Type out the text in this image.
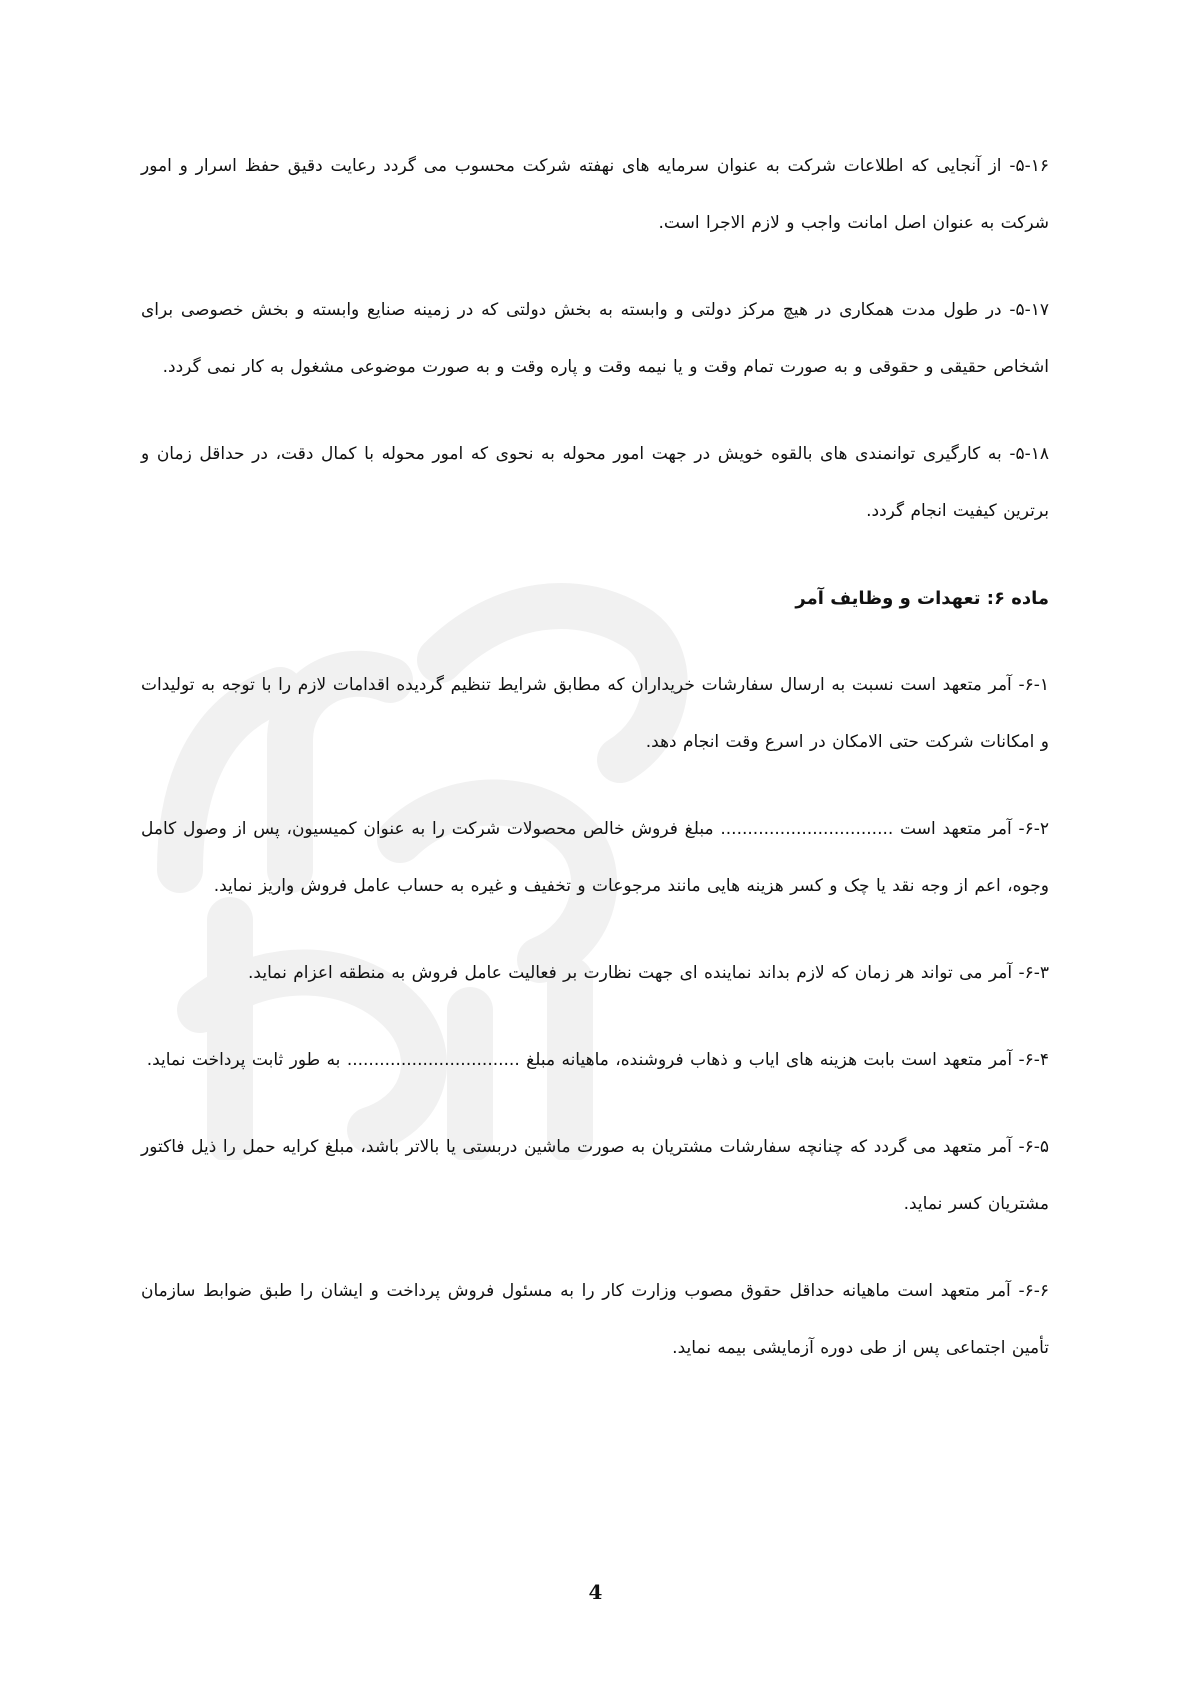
۵-۱۶- از آنجایی که اطلاعات شرکت به عنوان سرمایه های نهفته شرکت محسوب می گردد رعایت دقیق حفظ اسرار و امور شرکت به عنوان اصل امانت واجب و لازم الاجرا است.

۵-۱۷- در طول مدت همکاری در هیچ مرکز دولتی و وابسته به بخش دولتی که در زمینه صنایع وابسته و بخش خصوصی برای اشخاص حقیقی و حقوقی و به صورت تمام وقت و یا نیمه وقت و پاره وقت و به صورت موضوعی مشغول به کار نمی گردد.

۵-۱۸- به کارگیری توانمندی های بالقوه خویش در جهت امور محوله به نحوی که امور محوله با کمال دقت، در حداقل زمان و برترین کیفیت انجام گردد.

ماده ۶: تعهدات و وظایف آمر

۶-۱- آمر متعهد است نسبت به ارسال سفارشات خریداران که مطابق شرایط تنظیم گردیده اقدامات لازم را با توجه به تولیدات و امکانات شرکت حتی الامکان در اسرع وقت انجام دهد.

۶-۲- آمر متعهد است ................................ مبلغ فروش خالص محصولات شرکت را به عنوان کمیسیون، پس از وصول کامل وجوه، اعم از وجه نقد یا چک و کسر هزینه هایی مانند مرجوعات و تخفیف و غیره به حساب عامل فروش واریز نماید.

۶-۳- آمر می تواند هر زمان که لازم بداند نماینده ای جهت نظارت بر فعالیت عامل فروش به منطقه اعزام نماید.

۶-۴- آمر متعهد است بابت هزینه های ایاب و ذهاب فروشنده، ماهیانه مبلغ ................................ به طور ثابت پرداخت نماید.

۶-۵- آمر متعهد می گردد که چنانچه سفارشات مشتریان به صورت ماشین دربستی یا بالاتر باشد، مبلغ کرایه حمل را ذیل فاکتور مشتریان کسر نماید.

۶-۶- آمر متعهد است ماهیانه حداقل حقوق مصوب وزارت کار را به مسئول فروش پرداخت و ایشان را طبق ضوابط سازمان تأمین اجتماعی پس از طی دوره آزمایشی بیمه نماید.

4
